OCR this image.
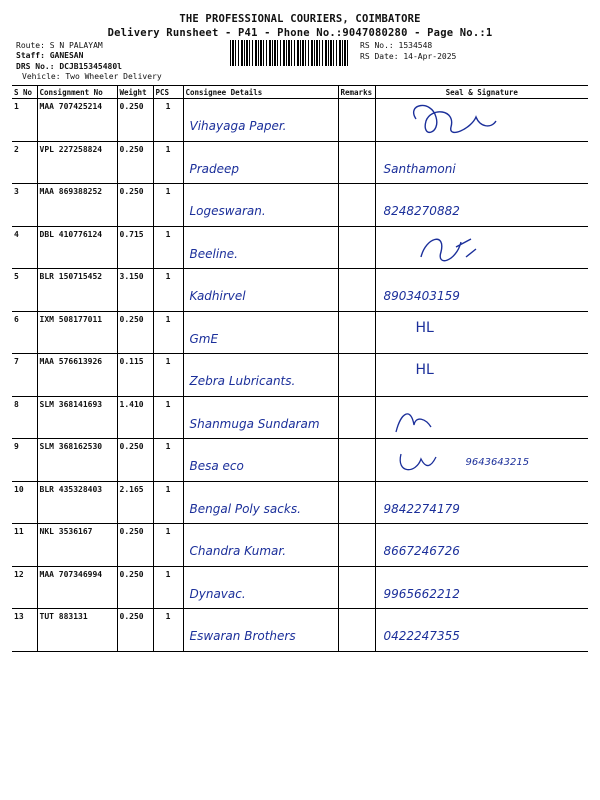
THE PROFESSIONAL COURIERS, COIMBATORE
Delivery Runsheet - P41 - Phone No.:9047080280 - Page No.:1
Route: S N PALAYAM
Staff: GANESAN
DRS No.: DCJB15345480l
Vehicle: Two Wheeler Delivery
RS No.: 1534548
RS Date: 14-Apr-2025
S No	Consignment No	Weight	PCS	Consignee Details	Remarks	Seal & Signature
1	MAA 707425214	0.250	1	Vihayaga Paper.

2	VPL 227258824	0.250	1	Pradeep		Santhamoni

3	MAA 869388252	0.250	1	Logeswaran.		8248270882

4	DBL 410776124	0.715	1	Beeline.

5	BLR 150715452	3.150	1	Kadhirvel		8903403159

6	IXM 508177011	0.250	1	GmE		HL

7	MAA 576613926	0.115	1	Zebra Lubricants.		HL

8	SLM 368141693	1.410	1	Shanmuga Sundaram

9	SLM 368162530	0.250	1	Besa eco		9643643215

10	BLR 435328403	2.165	1	Bengal Poly sacks.		9842274179

11	NKL 3536167	0.250	1	Chandra Kumar.		8667246726

12	MAA 707346994	0.250	1	Dynavac.		9965662212

13	TUT 883131	0.250	1	Eswaran Brothers		0422247355
